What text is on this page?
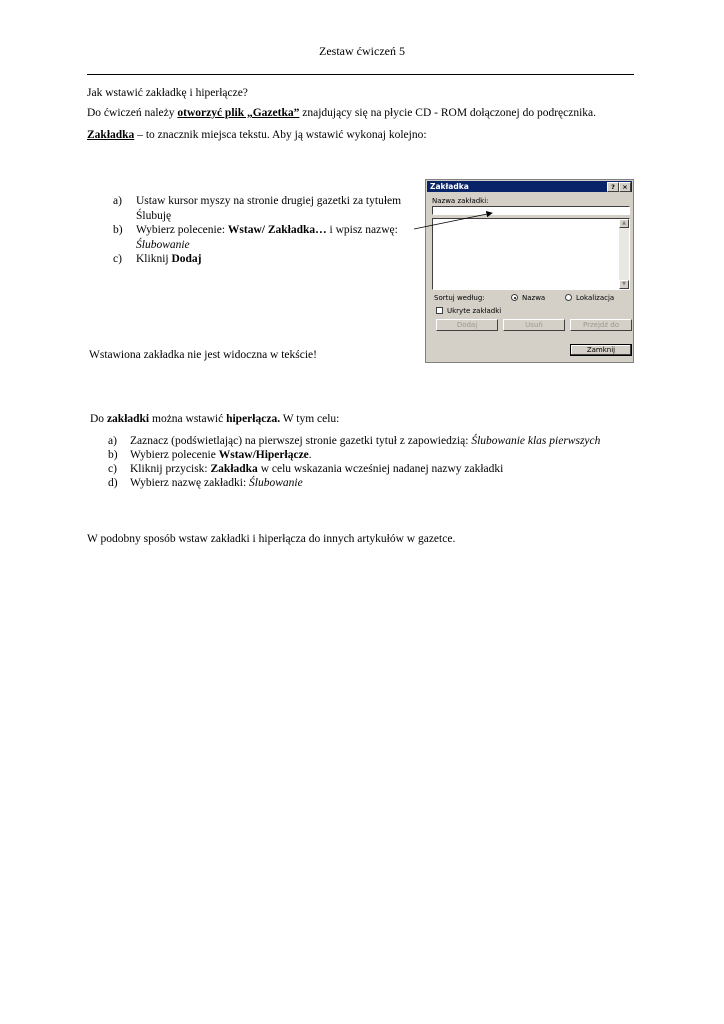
Zestaw ćwiczeń 5
Jak wstawić zakładkę i hiperłącze?
Do ćwiczeń należy otworzyć plik „Gazetka” znajdujący się na płycie CD - ROM dołączonej do podręcznika.
Zakładka – to znacznik miejsca tekstu. Aby ją wstawić wykonaj kolejno:
a) Ustaw kursor myszy na stronie drugiej gazetki za tytułem Ślubuję
b) Wybierz polecenie: Wstaw/ Zakładka… i wpisz nazwę:
Ślubowanie
c) Kliknij Dodaj
Wstawiona zakładka nie jest widoczna w tekście!
Zakładka	?	×
Nazwa zakładki:
▲
▼
Sortuj według:	Nazwa	Lokalizacja
Ukryte zakładki
Dodaj	Usuń	Przejdź do
Zamknij
Do zakładki można wstawić hiperłącza. W tym celu:
a) Zaznacz (podświetlając) na pierwszej stronie gazetki tytuł z zapowiedzią: Ślubowanie klas pierwszych
b) Wybierz polecenie Wstaw/Hiperłącze.
c) Kliknij przycisk: Zakładka w celu wskazania wcześniej nadanej nazwy zakładki
d) Wybierz nazwę zakładki: Ślubowanie
W podobny sposób wstaw zakładki i hiperłącza do innych artykułów w gazetce.
